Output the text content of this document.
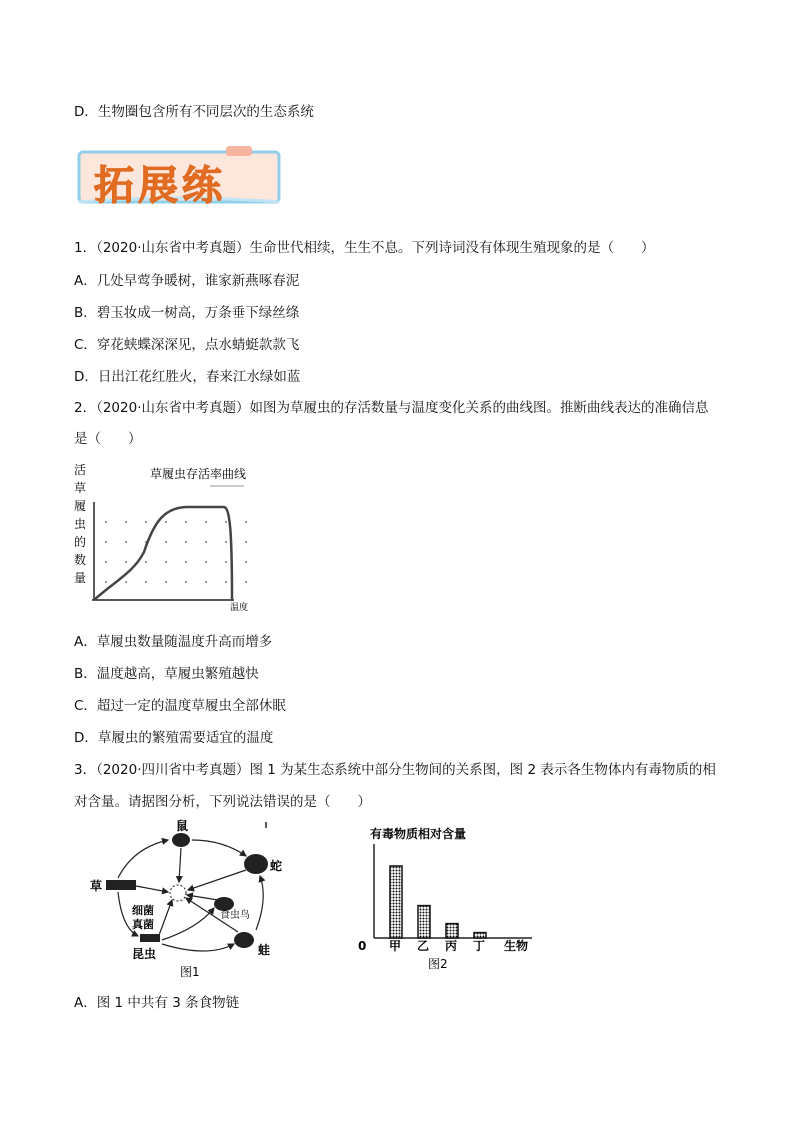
D．生物圈包含所有不同层次的生态系统
拓展练
1．（2020·山东省中考真题）生命世代相续，生生不息。下列诗词没有体现生殖现象的是（　　）
A．几处早莺争暖树，谁家新燕啄春泥
B．碧玉妆成一树高，万条垂下绿丝绦
C．穿花蛱蝶深深见，点水蜻蜓款款飞
D．日出江花红胜火，春来江水绿如蓝
2．（2020·山东省中考真题）如图为草履虫的存活数量与温度变化关系的曲线图。推断曲线表达的准确信息
是（　　）
活
草
履
虫
的
数
量
草履虫存活率曲线
温度
A．草履虫数量随温度升高而增多
B．温度越高，草履虫繁殖越快
C．超过一定的温度草履虫全部休眠
D．草履虫的繁殖需要适宜的温度
3．（2020·四川省中考真题）图 1 为某生态系统中部分生物间的关系图，图 2 表示各生物体内有毒物质的相
对含量。请据图分析，下列说法错误的是（　　）
鼠
蛇
草
细菌
真菌
食虫鸟
昆虫	蛙
图1
有毒物质相对含量
0	生物
图2
甲 乙 丙 丁
A．图 1 中共有 3 条食物链
